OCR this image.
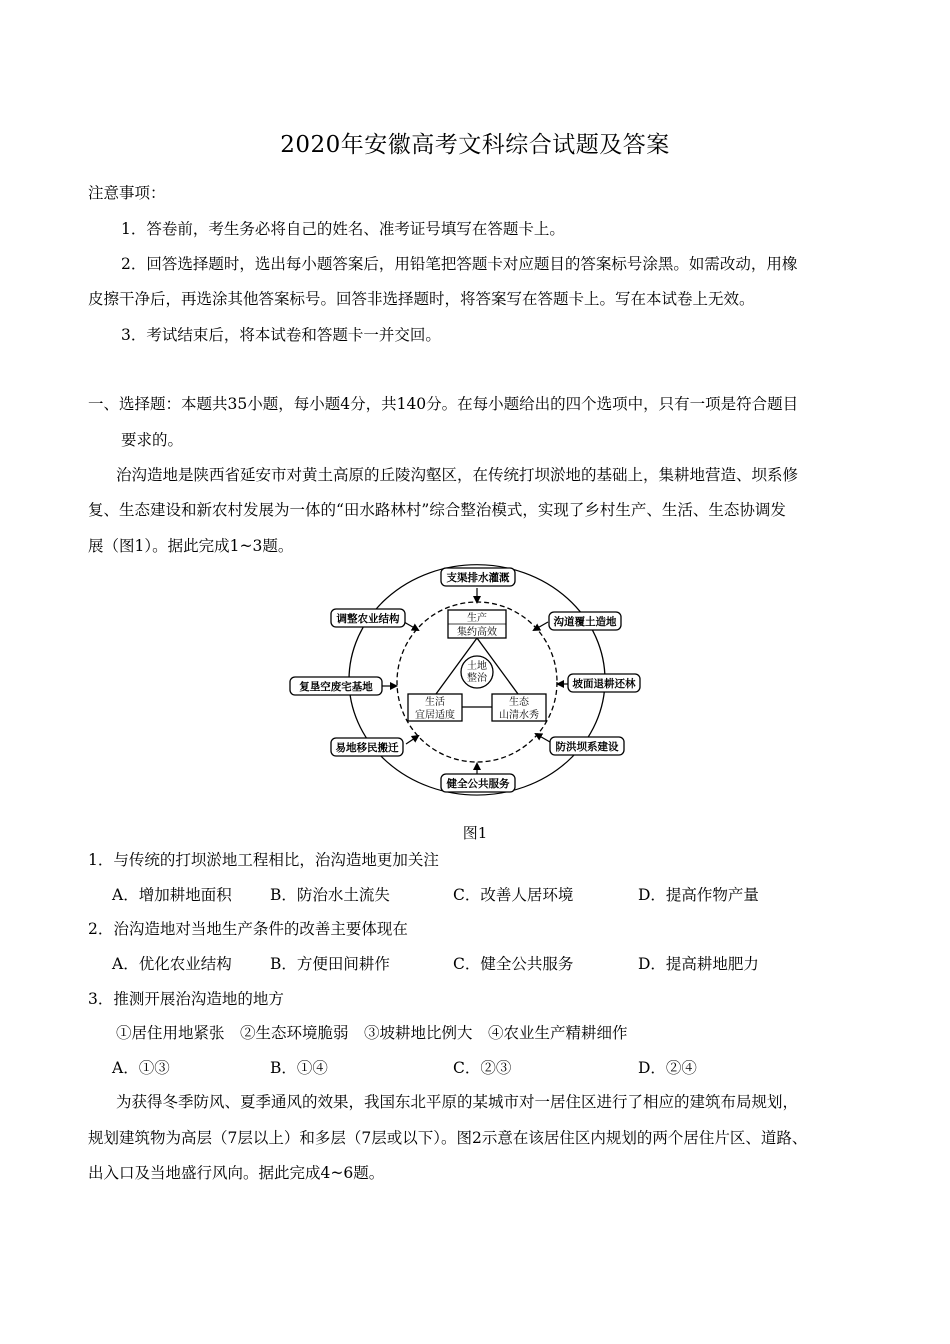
2020年安徽高考文科综合试题及答案
注意事项：
1．答卷前，考生务必将自己的姓名、准考证号填写在答题卡上。
2．回答选择题时，选出每小题答案后，用铅笔把答题卡对应题目的答案标号涂黑。如需改动，用橡
皮擦干净后，再选涂其他答案标号。回答非选择题时，将答案写在答题卡上。写在本试卷上无效。
3．考试结束后，将本试卷和答题卡一并交回。
一、选择题：本题共35小题，每小题4分，共140分。在每小题给出的四个选项中，只有一项是符合题目
要求的。
治沟造地是陕西省延安市对黄土高原的丘陵沟壑区，在传统打坝淤地的基础上，集耕地营造、坝系修
复、生态建设和新农村发展为一体的“田水路林村”综合整治模式，实现了乡村生产、生活、生态协调发
展（图1）。据此完成1~3题。
支渠排水灌溉
沟道覆土造地
坡面退耕还林
防洪坝系建设
健全公共服务
易地移民搬迁
复垦空废宅基地
调整农业结构	生产
集约高效
土地
整治
生活
宜居适度
生态
山清水秀
图1
1．与传统的打坝淤地工程相比，治沟造地更加关注
A．增加耕地面积 B．防治水土流失	C．改善人居环境	D．提高作物产量
2．治沟造地对当地生产条件的改善主要体现在
A．优化农业结构 B．方便田间耕作	C．健全公共服务	D．提高耕地肥力
3．推测开展治沟造地的地方
①居住用地紧张　②生态环境脆弱　③坡耕地比例大　④农业生产精耕细作
A．①③	B．①④	C．②③	D．②④
为获得冬季防风、夏季通风的效果，我国东北平原的某城市对一居住区进行了相应的建筑布局规划，
规划建筑物为高层（7层以上）和多层（7层或以下）。图2示意在该居住区内规划的两个居住片区、道路、
出入口及当地盛行风向。据此完成4~6题。
